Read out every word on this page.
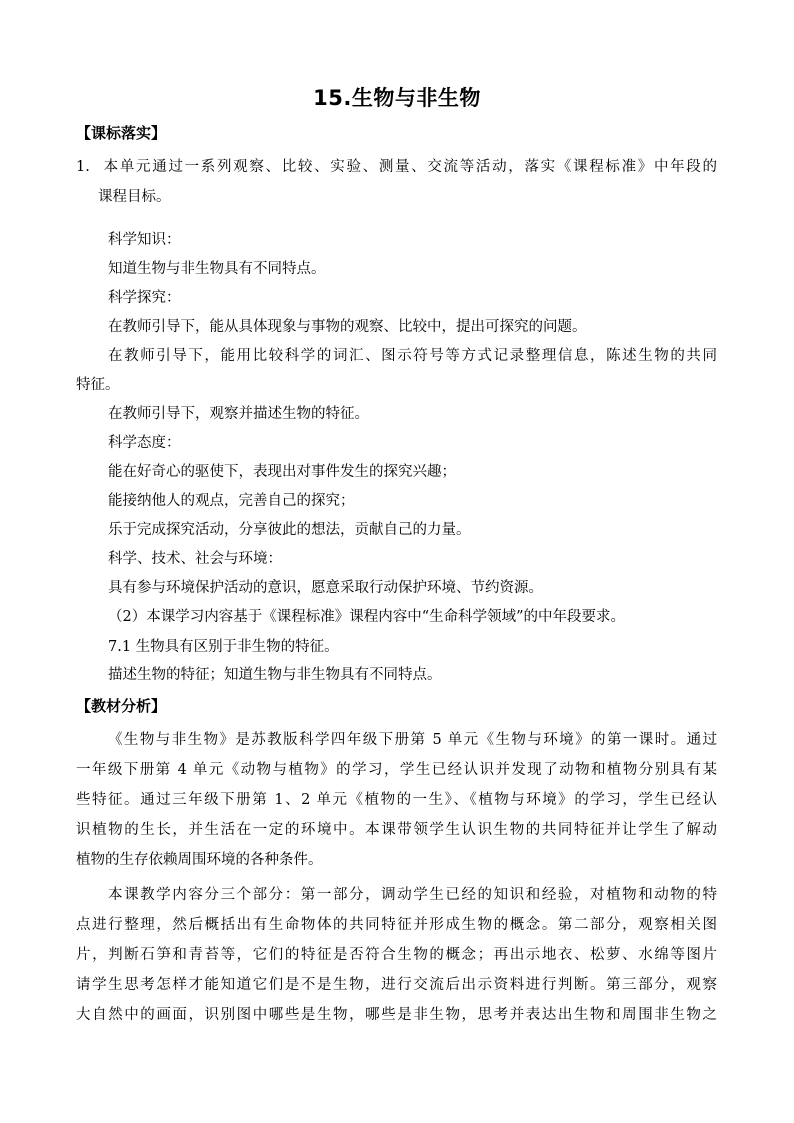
15.生物与非生物
【课标落实】
1. 本单元通过一系列观察、比较、实验、测量、交流等活动，落实《课程标准》中年段的
课程目标。
科学知识：
知道生物与非生物具有不同特点。
科学探究：
在教师引导下，能从具体现象与事物的观察、比较中，提出可探究的问题。
在教师引导下，能用比较科学的词汇、图示符号等方式记录整理信息，陈述生物的共同
特征。
在教师引导下，观察并描述生物的特征。
科学态度：
能在好奇心的驱使下，表现出对事件发生的探究兴趣；
能接纳他人的观点，完善自己的探究；
乐于完成探究活动，分享彼此的想法，贡献自己的力量。
科学、技术、社会与环境：
具有参与环境保护活动的意识，愿意采取行动保护环境、节约资源。
（2）本课学习内容基于《课程标准》课程内容中“生命科学领域”的中年段要求。
7.1 生物具有区别于非生物的特征。
描述生物的特征；知道生物与非生物具有不同特点。
【教材分析】
《生物与非生物》是苏教版科学四年级下册第 5 单元《生物与环境》的第一课时。通过
一年级下册第 4 单元《动物与植物》的学习，学生已经认识并发现了动物和植物分别具有某
些特征。通过三年级下册第 1、2 单元《植物的一生》、《植物与环境》的学习，学生已经认
识植物的生长，并生活在一定的环境中。本课带领学生认识生物的共同特征并让学生了解动
植物的生存依赖周围环境的各种条件。
本课教学内容分三个部分：第一部分，调动学生已经的知识和经验，对植物和动物的特
点进行整理，然后概括出有生命物体的共同特征并形成生物的概念。第二部分，观察相关图
片，判断石笋和青苔等，它们的特征是否符合生物的概念；再出示地衣、松萝、水绵等图片
请学生思考怎样才能知道它们是不是生物，进行交流后出示资料进行判断。第三部分，观察
大自然中的画面，识别图中哪些是生物，哪些是非生物，思考并表达出生物和周围非生物之
